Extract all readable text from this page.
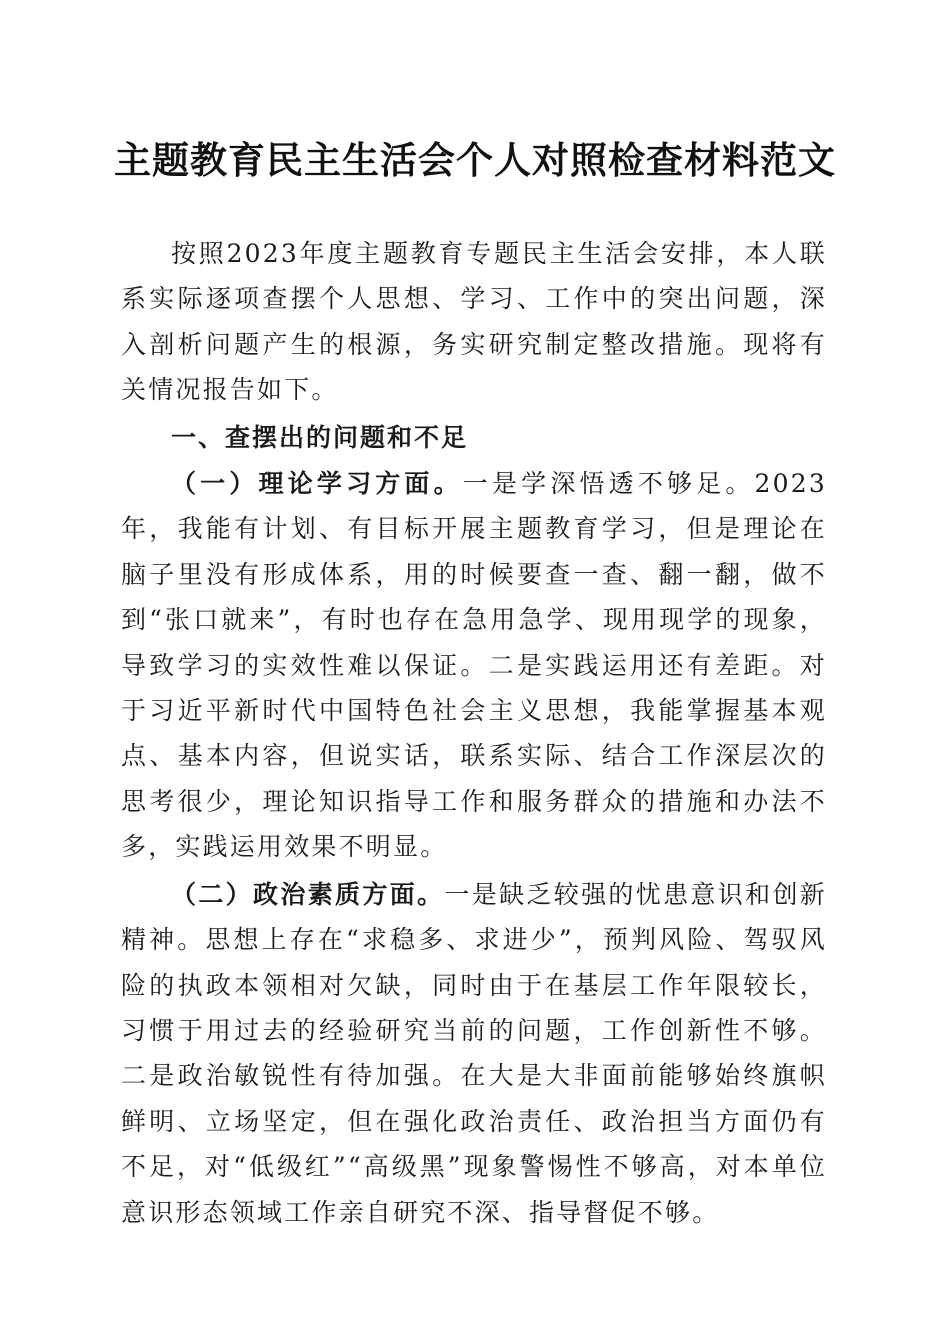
主题教育民主生活会个人对照检查材料范文

按照2023年度主题教育专题民主生活会安排，本人联系实际逐项查摆个人思想、学习、工作中的突出问题，深入剖析问题产生的根源，务实研究制定整改措施。现将有关情况报告如下。

一、查摆出的问题和不足

（一）理论学习方面。一是学深悟透不够足。2023年，我能有计划、有目标开展主题教育学习，但是理论在脑子里没有形成体系，用的时候要查一查、翻一翻，做不到“张口就来”，有时也存在急用急学、现用现学的现象，导致学习的实效性难以保证。二是实践运用还有差距。对于习近平新时代中国特色社会主义思想，我能掌握基本观点、基本内容，但说实话，联系实际、结合工作深层次的思考很少，理论知识指导工作和服务群众的措施和办法不多，实践运用效果不明显。

（二）政治素质方面。一是缺乏较强的忧患意识和创新精神。思想上存在“求稳多、求进少”，预判风险、驾驭风险的执政本领相对欠缺，同时由于在基层工作年限较长，习惯于用过去的经验研究当前的问题，工作创新性不够。二是政治敏锐性有待加强。在大是大非面前能够始终旗帜鲜明、立场坚定，但在强化政治责任、政治担当方面仍有不足，对“低级红”“高级黑”现象警惕性不够高，对本单位意识形态领域工作亲自研究不深、指导督促不够。
